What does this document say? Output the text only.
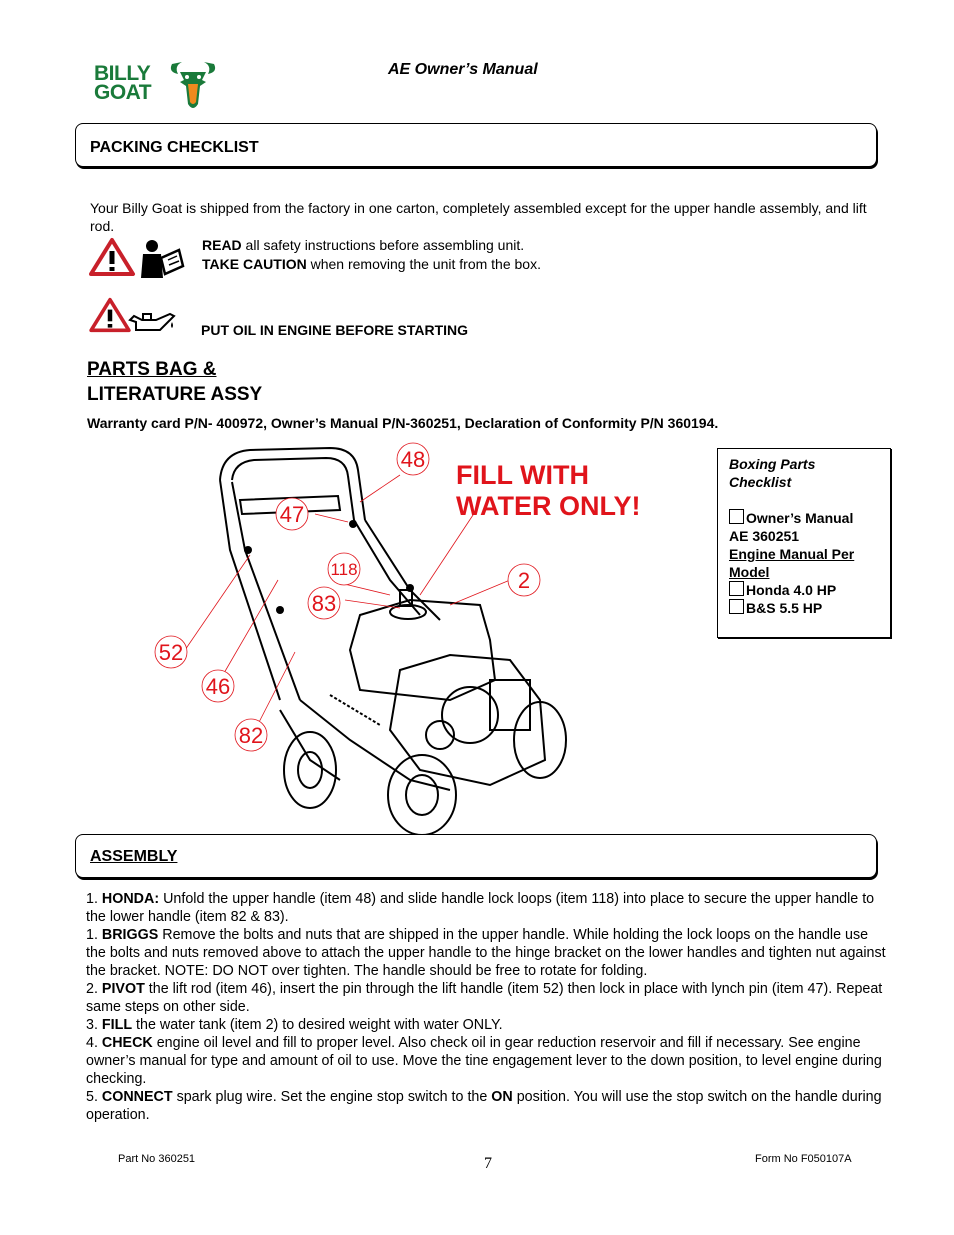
BILLY
GOAT
AE Owner’s Manual
PACKING CHECKLIST
Your Billy Goat is shipped from the factory in one carton, completely assembled except for the upper handle assembly, and lift rod.
READ all safety instructions before assembling unit.
TAKE CAUTION when removing the unit from the box.
PUT OIL IN ENGINE BEFORE STARTING
PARTS BAG &
LITERATURE ASSY
Warranty card P/N- 400972, Owner’s Manual P/N-360251, Declaration of Conformity P/N 360194.
48
47
118	2
83
52
46
82
FILL WITH
WATER ONLY!
Boxing Parts
Checklist
Owner’s Manual
AE 360251
Engine Manual Per
Model
Honda 4.0 HP
B&S 5.5 HP
ASSEMBLY
1. HONDA: Unfold the upper handle (item 48) and slide handle lock loops (item 118) into place to secure the upper handle to the lower handle (item 82 & 83).
1. BRIGGS Remove the bolts and nuts that are shipped in the upper handle. While holding the lock loops on the handle use the bolts and nuts removed above to attach the upper handle to the hinge bracket on the lower handles and tighten nut against the bracket. NOTE: DO NOT over tighten. The handle should be free to rotate for folding.
2. PIVOT the lift rod (item 46), insert the pin through the lift handle (item 52) then lock in place with lynch pin (item 47). Repeat same steps on other side.
3. FILL the water tank (item 2) to desired weight with water ONLY.
4. CHECK engine oil level and fill to proper level. Also check oil in gear reduction reservoir and fill if necessary. See engine owner’s manual for type and amount of oil to use. Move the tine engagement lever to the down position, to level engine during checking.
5. CONNECT spark plug wire. Set the engine stop switch to the ON position. You will use the stop switch on the handle during operation.
Part No 360251	7	Form No F050107A
